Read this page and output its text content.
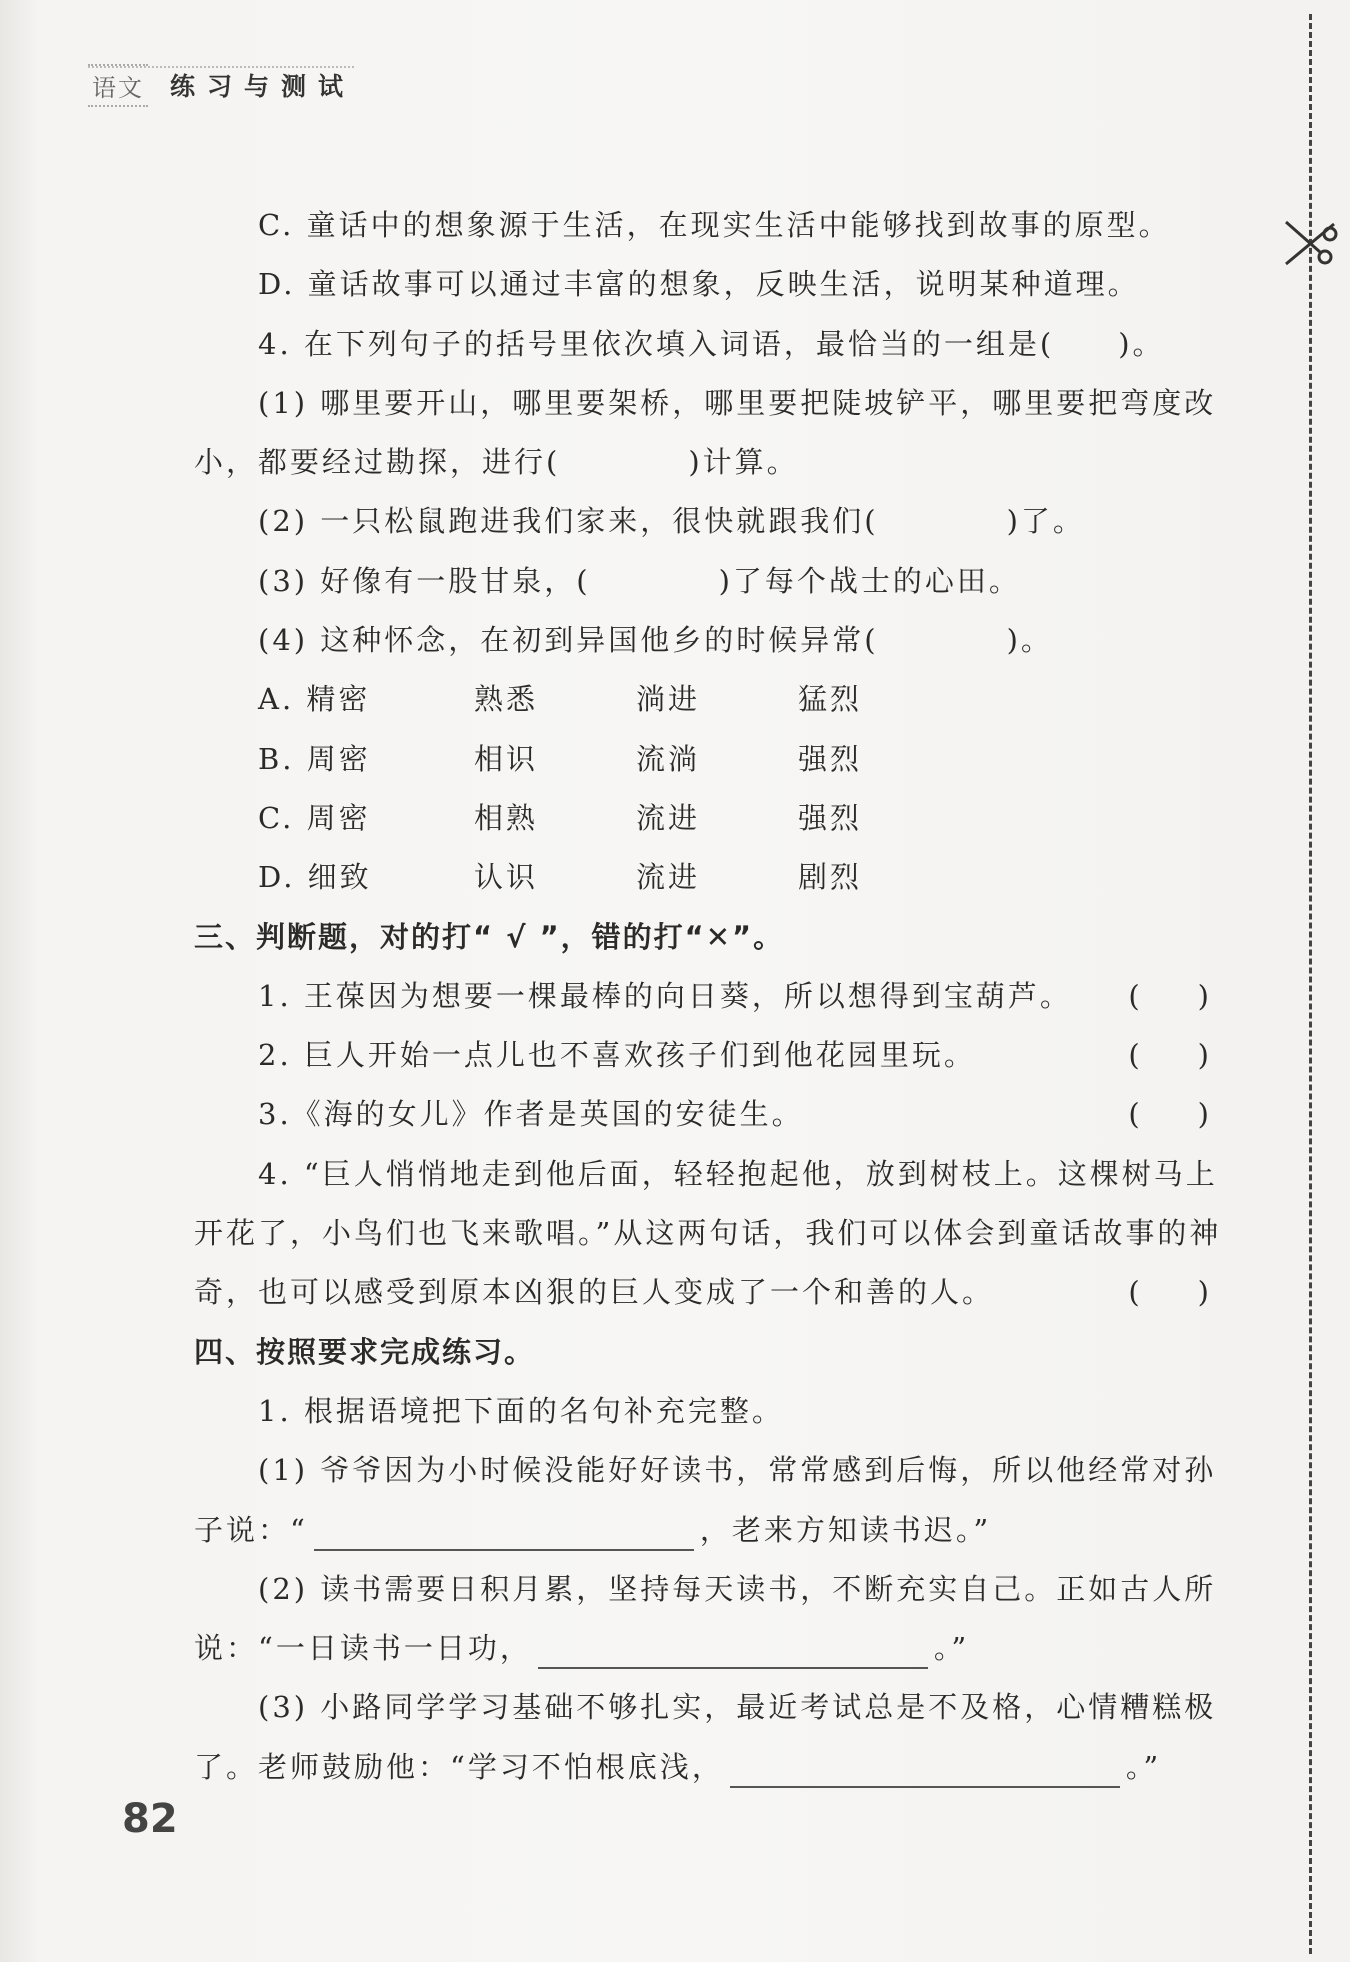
语文 练习与测试
C. 童话中的想象源于生活，在现实生活中能够找到故事的原型。
D. 童话故事可以通过丰富的想象，反映生活，说明某种道理。
4. 在下列句子的括号里依次填入词语，最恰当的一组是(　　)。
(1) 哪里要开山，哪里要架桥，哪里要把陡坡铲平，哪里要把弯度改
小，都要经过勘探，进行(　　　　)计算。
(2) 一只松鼠跑进我们家来，很快就跟我们(　　　　)了。
(3) 好像有一股甘泉，(　　　　)了每个战士的心田。
(4) 这种怀念，在初到异国他乡的时候异常(　　　　)。
A. 精密	熟悉	淌进	猛烈
B. 周密	相识	流淌	强烈
C. 周密	相熟	流进	强烈
D. 细致	认识	流进	剧烈
三、判断题，对的打“ √ ”，错的打“✕”。
1. 王葆因为想要一棵最棒的向日葵，所以想得到宝葫芦。 (　　)
2. 巨人开始一点儿也不喜欢孩子们到他花园里玩。	(　　)
3.《海的女儿》作者是英国的安徒生。	(　　)
4. “巨人悄悄地走到他后面，轻轻抱起他，放到树枝上。这棵树马上
开花了，小鸟们也飞来歌唱。”从这两句话，我们可以体会到童话故事的神
奇，也可以感受到原本凶狠的巨人变成了一个和善的人。	(　　)
四、按照要求完成练习。
1. 根据语境把下面的名句补充完整。
(1) 爷爷因为小时候没能好好读书，常常感到后悔，所以他经常对孙
子说：“	，老来方知读书迟。”
(2) 读书需要日积月累，坚持每天读书，不断充实自己。正如古人所
说：“一日读书一日功，	。”
(3) 小路同学学习基础不够扎实，最近考试总是不及格，心情糟糕极
了。老师鼓励他：“学习不怕根底浅，	。”
82
